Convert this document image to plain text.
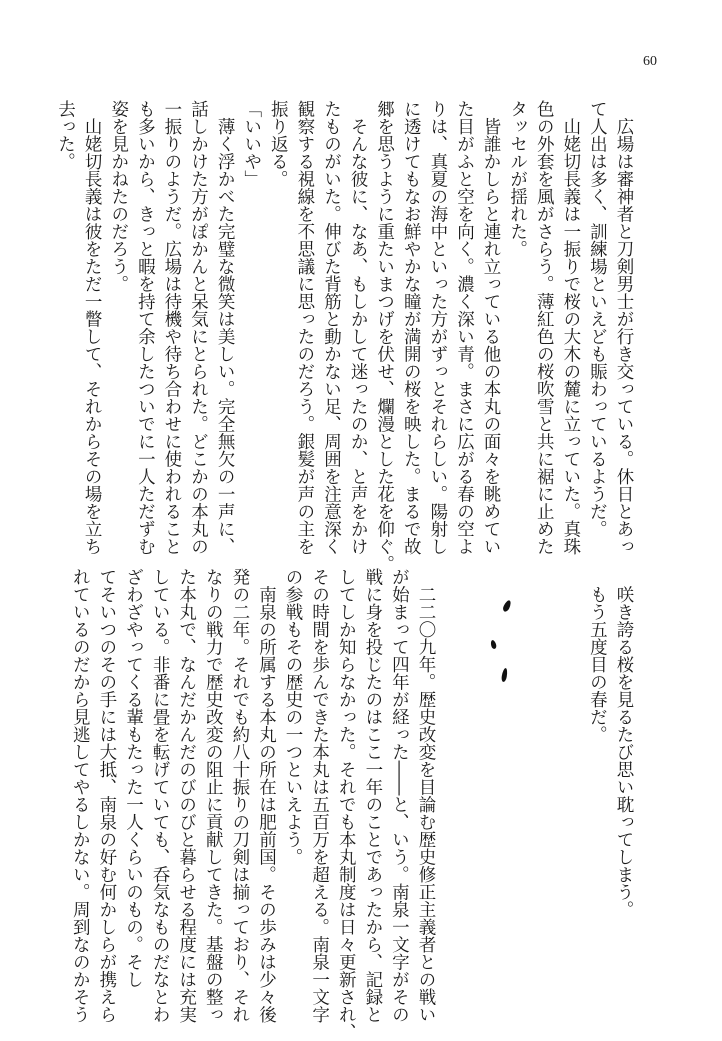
60
　広場は審神者と刀剣男士が行き交っている。休日とあっ
て人出は多く、訓練場といえども賑わっているようだ。
　山姥切長義は一振りで桜の大木の麓に立っていた。真珠
色の外套を風がさらう。薄紅色の桜吹雪と共に裾に止めた
タッセルが揺れた。
　皆誰かしらと連れ立っている他の本丸の面々を眺めてい
た目がふと空を向く。濃く深い青。まさに広がる春の空よ
りは、真夏の海中といった方がずっとそれらしい。陽射し
に透けてもなお鮮やかな瞳が満開の桜を映した。まるで故
郷を思うように重たいまつげを伏せ、爛漫とした花を仰ぐ。
　そんな彼に、なあ、もしかして迷ったのか、と声をかけ
たものがいた。伸びた背筋と動かない足、周囲を注意深く
観察する視線を不思議に思ったのだろう。銀髪が声の主を
振り返る。
「いいや」
　薄く浮かべた完璧な微笑は美しい。完全無欠の一声に、
話しかけた方がぽかんと呆気にとられた。どこかの本丸の
一振りのようだ。広場は待機や待ち合わせに使われること
も多いから、きっと暇を持て余したついでに一人ただずむ
姿を見かねたのだろう。
　山姥切長義は彼をただ一瞥して、それからその場を立ち
去った。
　咲き誇る桜を見るたび思い耽ってしまう。
　もう五度目の春だ。
　二二〇九年。歴史改変を目論む歴史修正主義者との戦い
が始まって四年が経った――と、いう。南泉一文字がその
戦に身を投じたのはここ一年のことであったから、記録と
してしか知らなかった。それでも本丸制度は日々更新され、
その時間を歩んできた本丸は五百万を超える。南泉一文字
の参戦もその歴史の一つといえよう。
　南泉の所属する本丸の所在は肥前国。その歩みは少々後
発の二年。それでも約八十振りの刀剣は揃っており、それ
なりの戦力で歴史改変の阻止に貢献してきた。基盤の整っ
た本丸で、なんだかんだのびのびと暮らせる程度には充実
している。非番に畳を転げていても、呑気なものだなとわ
ざわざやってくる輩もたった一人くらいのもの。そし
てそいつのその手には大抵、南泉の好む何かしらが携えら
れているのだから見逃してやるしかない。周到なのかそう
